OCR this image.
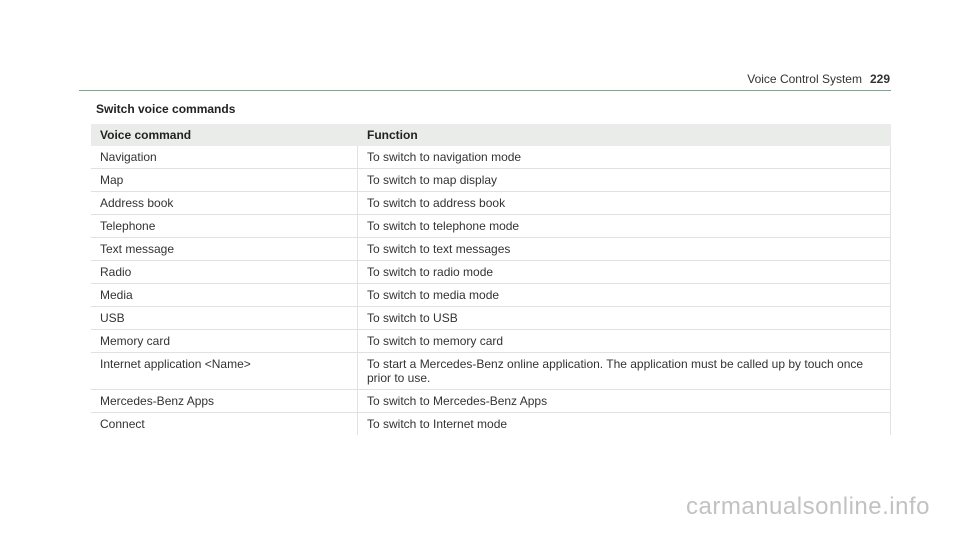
Voice Control System 229
Switch voice commands
Voice command	Function
Navigation	To switch to navigation mode
Map	To switch to map display
Address book	To switch to address book
Telephone	To switch to telephone mode
Text message	To switch to text messages
Radio	To switch to radio mode
Media	To switch to media mode
USB	To switch to USB
Memory card	To switch to memory card
Internet application <Name>	To start a Mercedes-Benz online application. The application must be called up by touch once prior to use.
Mercedes-Benz Apps	To switch to Mercedes-Benz Apps
Connect	To switch to Internet mode
carmanualsonline.info
